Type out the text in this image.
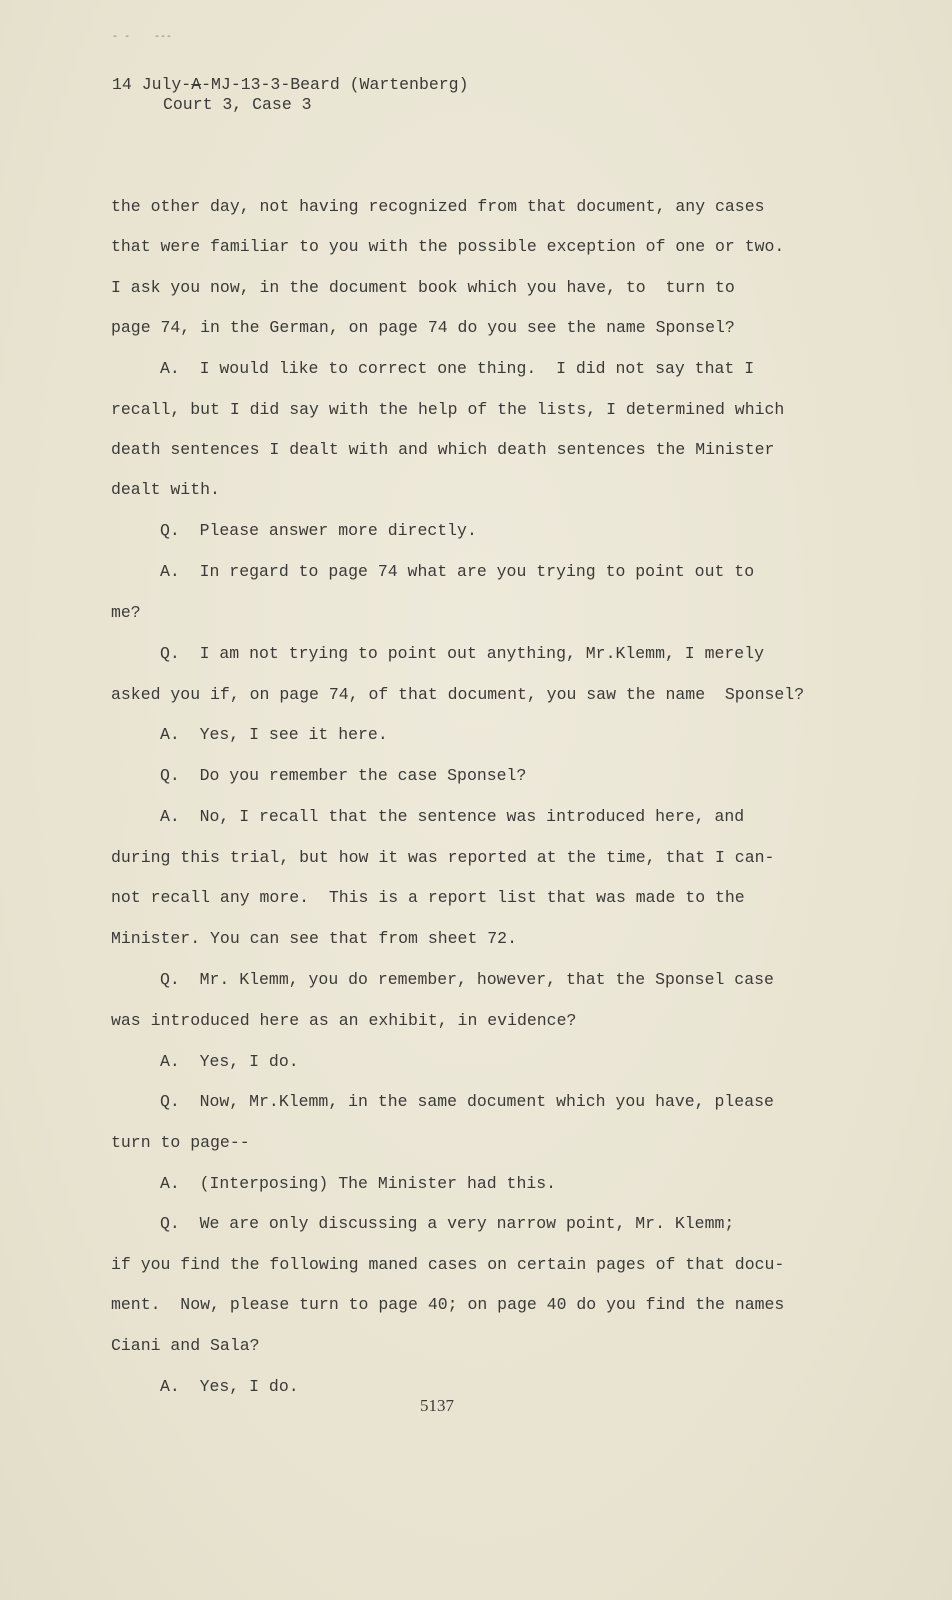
- -    ---
14 July-A-MJ-13-3-Beard (Wartenberg)
Court 3, Case 3
the other day, not having recognized from that document, any cases
that were familiar to you with the possible exception of one or two.
I ask you now, in the document book which you have, to  turn to
page 74, in the German, on page 74 do you see the name Sponsel?
A.  I would like to correct one thing.  I did not say that I
recall, but I did say with the help of the lists, I determined which
death sentences I dealt with and which death sentences the Minister
dealt with.
Q.  Please answer more directly.
A.  In regard to page 74 what are you trying to point out to
me?
Q.  I am not trying to point out anything, Mr.Klemm, I merely
asked you if, on page 74, of that document, you saw the name  Sponsel?
A.  Yes, I see it here.
Q.  Do you remember the case Sponsel?
A.  No, I recall that the sentence was introduced here, and
during this trial, but how it was reported at the time, that I can-
not recall any more.  This is a report list that was made to the
Minister. You can see that from sheet 72.
Q.  Mr. Klemm, you do remember, however, that the Sponsel case
was introduced here as an exhibit, in evidence?
A.  Yes, I do.
Q.  Now, Mr.Klemm, in the same document which you have, please
turn to page--
A.  (Interposing) The Minister had this.
Q.  We are only discussing a very narrow point, Mr. Klemm;
if you find the following maned cases on certain pages of that docu-
ment.  Now, please turn to page 40; on page 40 do you find the names
Ciani and Sala?
A.  Yes, I do.
5137
